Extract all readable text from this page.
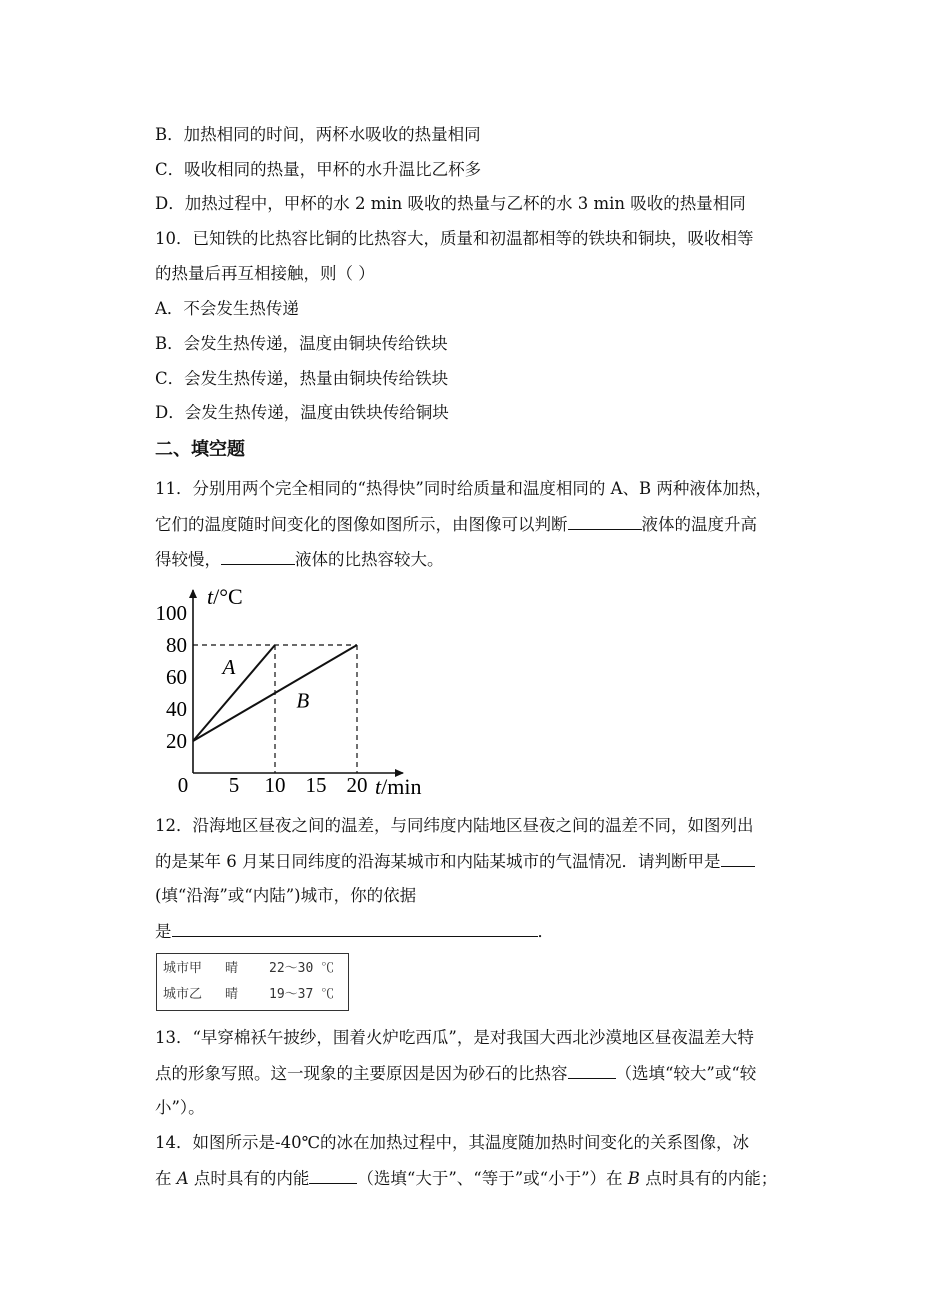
B．加热相同的时间，两杯水吸收的热量相同
C．吸收相同的热量，甲杯的水升温比乙杯多
D．加热过程中，甲杯的水 2 min 吸收的热量与乙杯的水 3 min 吸收的热量相同
10．已知铁的比热容比铜的比热容大，质量和初温都相等的铁块和铜块，吸收相等
的热量后再互相接触，则（ ）
A．不会发生热传递
B．会发生热传递，温度由铜块传给铁块
C．会发生热传递，热量由铜块传给铁块
D．会发生热传递，温度由铁块传给铜块
二、填空题
11．分别用两个完全相同的“热得快”同时给质量和温度相同的 A、B 两种液体加热，
它们的温度随时间变化的图像如图所示，由图像可以判断	液体的温度升高
得较慢，	液体的比热容较大。
t/°C
t/min
0 5 10 15 20
20
40
60
80
100
A
B
12．沿海地区昼夜之间的温差，与同纬度内陆地区昼夜之间的温差不同，如图列出
的是某年 6 月某日同纬度的沿海某城市和内陆某城市的气温情况．请判断甲是
(填“沿海”或“内陆”)城市，你的依据
是	．
城市甲 晴 22～30 ℃
城市乙 晴 19～37 ℃
13．“早穿棉袄午披纱，围着火炉吃西瓜”，是对我国大西北沙漠地区昼夜温差大特
点的形象写照。这一现象的主要原因是因为砂石的比热容	（选填“较大”或“较
小”）。
14．如图所示是-40℃的冰在加热过程中，其温度随加热时间变化的关系图像，冰
在 A 点时具有的内能	（选填“大于”、“等于”或“小于”）在 B 点时具有的内能；
